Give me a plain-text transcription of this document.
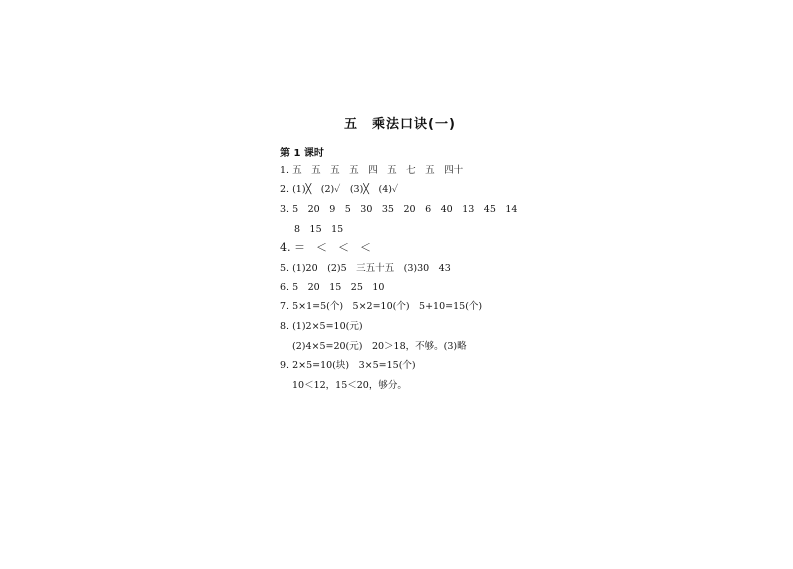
五　乘法口诀(一)
第 1 课时
1. 五　五　五　五　四　五　七　五　四十
2. (1)╳　(2)✓　(3)╳　(4)✓
3. 5　20　9　5　30　35　20　6　40　13　45　14
8　15　15
4. ＝　＜　＜　＜
5. (1)20　(2)5　三五十五　(3)30　43
6. 5　20　15　25　10
7. 5×1=5(个)　5×2=10(个)　5+10=15(个)
8. (1)2×5=10(元)
(2)4×5=20(元)　20＞18，不够。(3)略
9. 2×5=10(块)　3×5=15(个)
10＜12，15＜20，够分。
